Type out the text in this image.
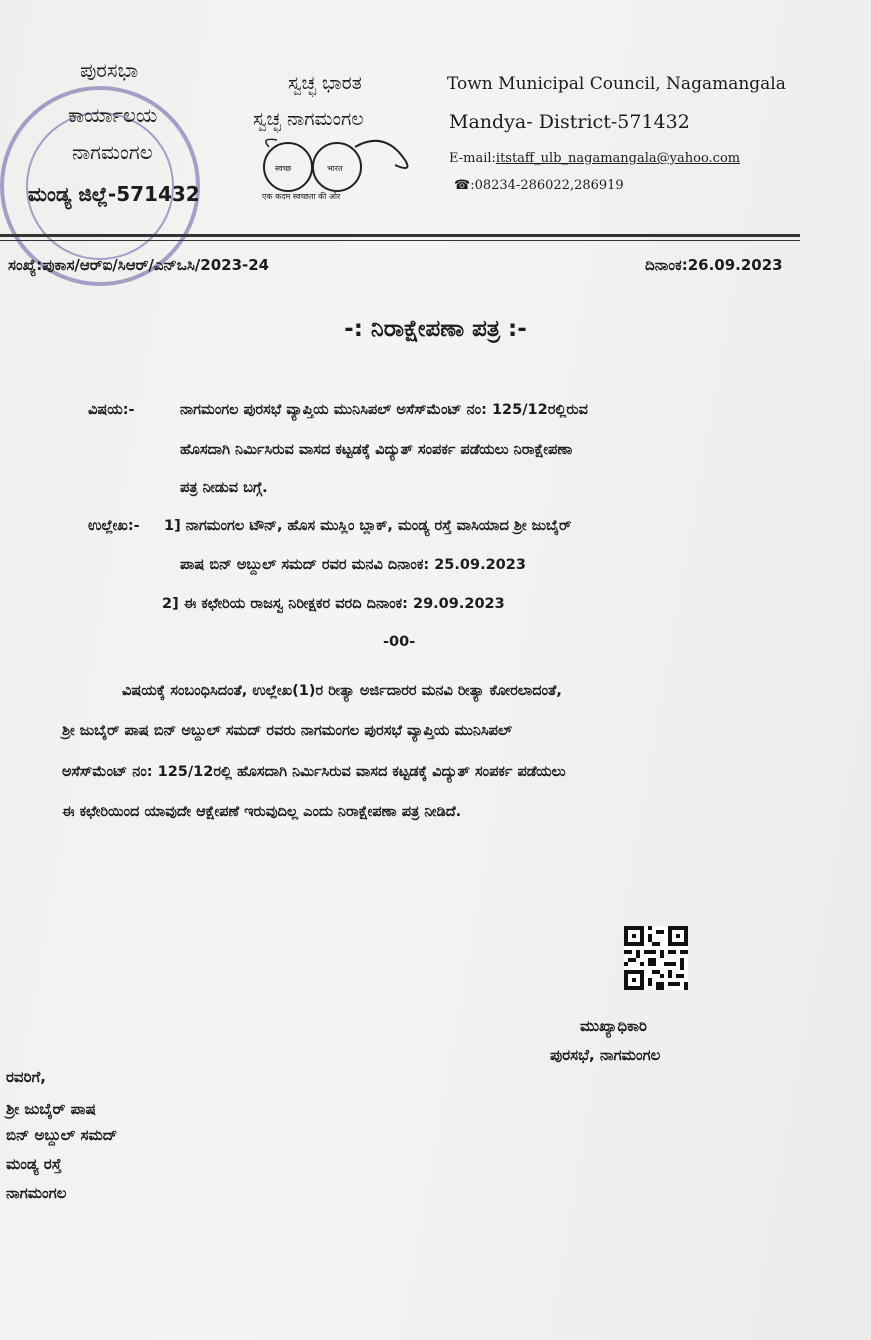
ಪುರಸಭಾ
ಕಾರ್ಯಾಲಯ
ನಾಗಮಂಗಲ
ಮಂಡ್ಯ ಜಿಲ್ಲೆ-571432
ಸ್ವಚ್ಛ ಭಾರತ
ಸ್ವಚ್ಛ ನಾಗಮಂಗಲ
स्वच्छ	भारत
एक कदम स्वच्छता की ओर
Town Municipal Council, Nagamangala
Mandya- District-571432
E-mail:itstaff_ulb_nagamangala@yahoo.com
☎:08234-286022,286919
ಸಂಖ್ಯೆ:ಪುಕಾಸ/ಆರ್‌ಐ/ಸಿಆರ್/ಎನ್‌ಒಸಿ/2023-24	ದಿನಾಂಕ:26.09.2023
-: ನಿರಾಕ್ಷೇಪಣಾ ಪತ್ರ :-
ವಿಷಯ:-	ನಾಗಮಂಗಲ ಪುರಸಭೆ ವ್ಯಾಪ್ತಿಯ ಮುನಿಸಿಪಲ್ ಅಸೆಸ್‌ಮೆಂಟ್ ನಂ: 125/12ರಲ್ಲಿರುವ
ಹೊಸದಾಗಿ ನಿರ್ಮಿಸಿರುವ ವಾಸದ ಕಟ್ಟಡಕ್ಕೆ ವಿದ್ಯುತ್ ಸಂಪರ್ಕ ಪಡೆಯಲು ನಿರಾಕ್ಷೇಪಣಾ
ಪತ್ರ ನೀಡುವ ಬಗ್ಗೆ.
ಉಲ್ಲೇಖ:- 1] ನಾಗಮಂಗಲ ಟೌನ್, ಹೊಸ ಮುಸ್ಲಿಂ ಬ್ಲಾಕ್, ಮಂಡ್ಯ ರಸ್ತೆ ವಾಸಿಯಾದ ಶ್ರೀ ಜುಬೈರ್
ಪಾಷ ಬಿನ್ ಅಬ್ದುಲ್ ಸಮದ್ ರವರ ಮನವಿ ದಿನಾಂಕ: 25.09.2023
2] ಈ ಕಛೇರಿಯ ರಾಜಸ್ವ ನಿರೀಕ್ಷಕರ ವರದಿ ದಿನಾಂಕ: 29.09.2023
-00-
ವಿಷಯಕ್ಕೆ ಸಂಬಂಧಿಸಿದಂತೆ, ಉಲ್ಲೇಖ(1)ರ ರೀತ್ಯಾ ಅರ್ಜಿದಾರರ ಮನವಿ ರೀತ್ಯಾ ಕೋರಲಾದಂತೆ,
ಶ್ರೀ ಜುಬೈರ್ ಪಾಷ ಬಿನ್ ಅಬ್ದುಲ್ ಸಮದ್ ರವರು ನಾಗಮಂಗಲ ಪುರಸಭೆ ವ್ಯಾಪ್ತಿಯ ಮುನಿಸಿಪಲ್
ಅಸೆಸ್‌ಮೆಂಟ್ ನಂ: 125/12ರಲ್ಲಿ ಹೊಸದಾಗಿ ನಿರ್ಮಿಸಿರುವ ವಾಸದ ಕಟ್ಟಡಕ್ಕೆ ವಿದ್ಯುತ್ ಸಂಪರ್ಕ ಪಡೆಯಲು
ಈ ಕಛೇರಿಯಿಂದ ಯಾವುದೇ ಆಕ್ಷೇಪಣೆ ಇರುವುದಿಲ್ಲ ಎಂದು ನಿರಾಕ್ಷೇಪಣಾ ಪತ್ರ ನೀಡಿದೆ.
ಮುಖ್ಯಾಧಿಕಾರಿ
ಪುರಸಭೆ, ನಾಗಮಂಗಲ
ರವರಿಗೆ,
ಶ್ರೀ ಜುಬೈರ್ ಪಾಷ
ಬಿನ್ ಅಬ್ದುಲ್ ಸಮದ್
ಮಂಡ್ಯ ರಸ್ತೆ
ನಾಗಮಂಗಲ
